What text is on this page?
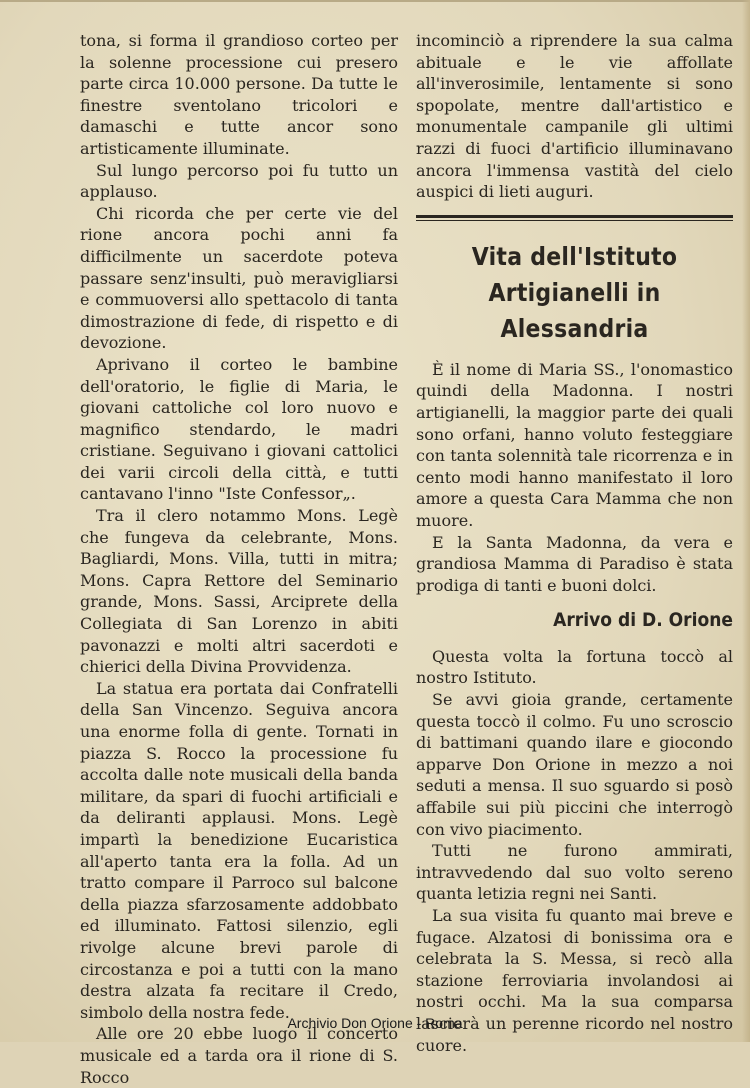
tona, si forma il grandioso corteo per la solenne processione cui presero parte circa 10.000 persone. Da tutte le finestre sventolano tricolori e damaschi e tutte ancor sono artisticamente illuminate.

Sul lungo percorso poi fu tutto un applauso.

Chi ricorda che per certe vie del rione ancora pochi anni fa difficilmente un sacerdote poteva passare senz'insulti, può meravigliarsi e commuoversi allo spettacolo di tanta dimostrazione di fede, di rispetto e di devozione.

Aprivano il corteo le bambine dell'oratorio, le figlie di Maria, le giovani cattoliche col loro nuovo e magnifico stendardo, le madri cristiane. Seguivano i giovani cattolici dei varii circoli della città, e tutti cantavano l'inno "Iste Confessor„.

Tra il clero notammo Mons. Legè che fungeva da celebrante, Mons. Bagliardi, Mons. Villa, tutti in mitra; Mons. Capra Rettore del Seminario grande, Mons. Sassi, Arciprete della Collegiata di San Lorenzo in abiti pavonazzi e molti altri sacerdoti e chierici della Divina Provvidenza.

La statua era portata dai Confratelli della San Vincenzo. Seguiva ancora una enorme folla di gente. Tornati in piazza S. Rocco la processione fu accolta dalle note musicali della banda militare, da spari di fuochi artificiali e da deliranti applausi. Mons. Legè impartì la benedizione Eucaristica all'aperto tanta era la folla. Ad un tratto compare il Parroco sul balcone della piazza sfarzosamente addobbato ed illuminato. Fattosi silenzio, egli rivolge alcune brevi parole di circostanza e poi a tutti con la mano destra alzata fa recitare il Credo, simbolo della nostra fede.

Alle ore 20 ebbe luogo il concerto musicale ed a tarda ora il rione di S. Rocco

incominciò a riprendere la sua calma abituale e le vie affollate all'inverosimile, lentamente si sono spopolate, mentre dall'artistico e monumentale campanile gli ultimi razzi di fuoci d'artificio illuminavano ancora l'immensa vastità del cielo auspici di lieti auguri.

Vita dell'Istituto Artigianelli in Alessandria

È il nome di Maria SS., l'onomastico quindi della Madonna. I nostri artigianelli, la maggior parte dei quali sono orfani, hanno voluto festeggiare con tanta solennità tale ricorrenza e in cento modi hanno manifestato il loro amore a questa Cara Mamma che non muore.

E la Santa Madonna, da vera e grandiosa Mamma di Paradiso è stata prodiga di tanti e buoni dolci.

Arrivo di D. Orione

Questa volta la fortuna toccò al nostro Istituto.

Se avvi gioia grande, certamente questa toccò il colmo. Fu uno scroscio di battimani quando ilare e giocondo apparve Don Orione in mezzo a noi seduti a mensa. Il suo sguardo si posò affabile sui più piccini che interrogò con vivo piacimento.

Tutti ne furono ammirati, intravvedendo dal suo volto sereno quanta letizia regni nei Santi.

La sua visita fu quanto mai breve e fugace. Alzatosi di bonissima ora e celebrata la S. Messa, si recò alla stazione ferroviaria involandosi ai nostri occhi. Ma la sua comparsa lascierà un perenne ricordo nel nostro cuore.

Archivio Don Orione - Roma
